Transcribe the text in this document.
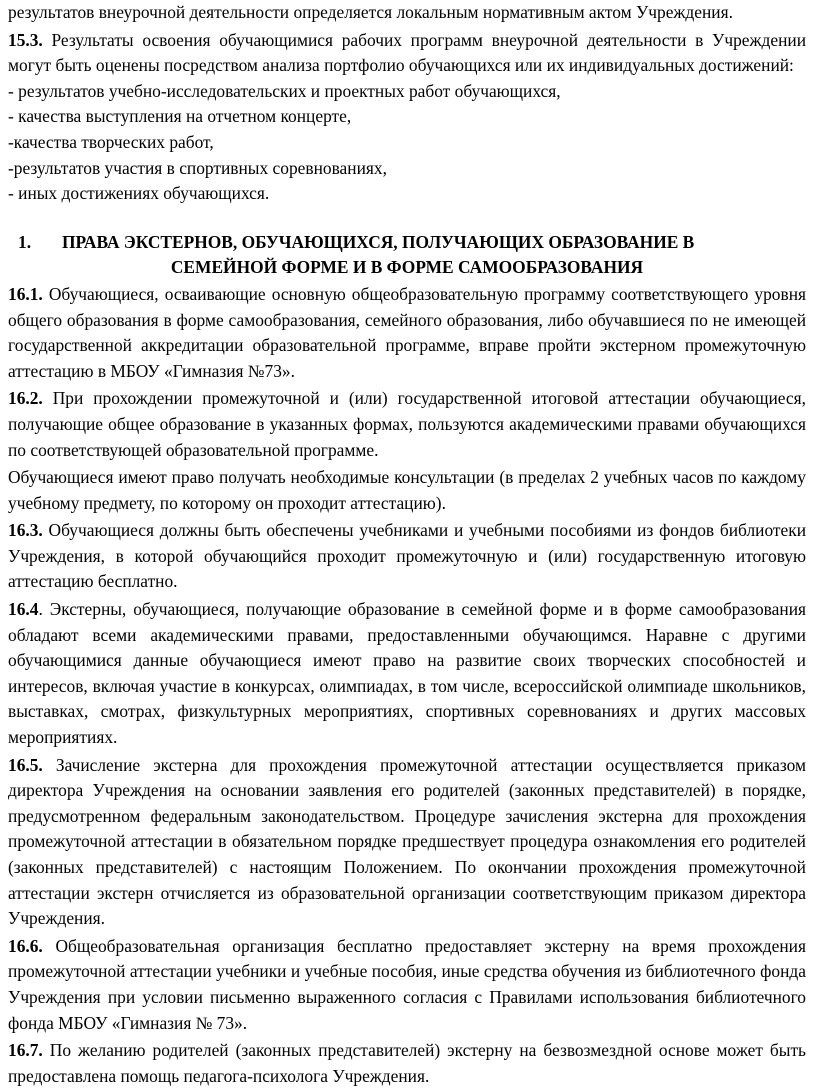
результатов внеурочной деятельности определяется локальным нормативным актом Учреждения.

15.3. Результаты освоения обучающимися рабочих программ внеурочной деятельности в Учреждении могут быть оценены посредством анализа портфолио обучающихся или их индивидуальных достижений:

- результатов учебно-исследовательских и проектных работ обучающихся,

- качества выступления на отчетном концерте,

-качества творческих работ,

-результатов участия в спортивных соревнованиях,

- иных достижениях обучающихся.

1. ПРАВА ЭКСТЕРНОВ, ОБУЧАЮЩИХСЯ, ПОЛУЧАЮЩИХ ОБРАЗОВАНИЕ В
СЕМЕЙНОЙ ФОРМЕ И В ФОРМЕ САМООБРАЗОВАНИЯ

16.1. Обучающиеся, осваивающие основную общеобразовательную программу соответствующего уровня общего образования в форме самообразования, семейного образования, либо обучавшиеся по не имеющей государственной аккредитации образовательной программе, вправе пройти экстерном промежуточную аттестацию в МБОУ «Гимназия №73».

16.2. При прохождении промежуточной и (или) государственной итоговой аттестации обучающиеся, получающие общее образование в указанных формах, пользуются академическими правами обучающихся по соответствующей образовательной программе.

Обучающиеся имеют право получать необходимые консультации (в пределах 2 учебных часов по каждому учебному предмету, по которому он проходит аттестацию).

16.3. Обучающиеся должны быть обеспечены учебниками и учебными пособиями из фондов библиотеки Учреждения, в которой обучающийся проходит промежуточную и (или) государственную итоговую аттестацию бесплатно.

16.4. Экстерны, обучающиеся, получающие образование в семейной форме и в форме самообразования обладают всеми академическими правами, предоставленными обучающимся. Наравне с другими обучающимися данные обучающиеся имеют право на развитие своих творческих способностей и интересов, включая участие в конкурсах, олимпиадах, в том числе, всероссийской олимпиаде школьников, выставках, смотрах, физкультурных мероприятиях, спортивных соревнованиях и других массовых мероприятиях.

16.5. Зачисление экстерна для прохождения промежуточной аттестации осуществляется приказом директора Учреждения на основании заявления его родителей (законных представителей) в порядке, предусмотренном федеральным законодательством. Процедуре зачисления экстерна для прохождения промежуточной аттестации в обязательном порядке предшествует процедура ознакомления его родителей (законных представителей) с настоящим Положением. По окончании прохождения промежуточной аттестации экстерн отчисляется из образовательной организации соответствующим приказом директора Учреждения.

16.6. Общеобразовательная организация бесплатно предоставляет экстерну на время прохождения промежуточной аттестации учебники и учебные пособия, иные средства обучения из библиотечного фонда Учреждения при условии письменно выраженного согласия с Правилами использования библиотечного фонда МБОУ «Гимназия № 73».

16.7. По желанию родителей (законных представителей) экстерну на безвозмездной основе может быть предоставлена помощь педагога-психолога Учреждения.
